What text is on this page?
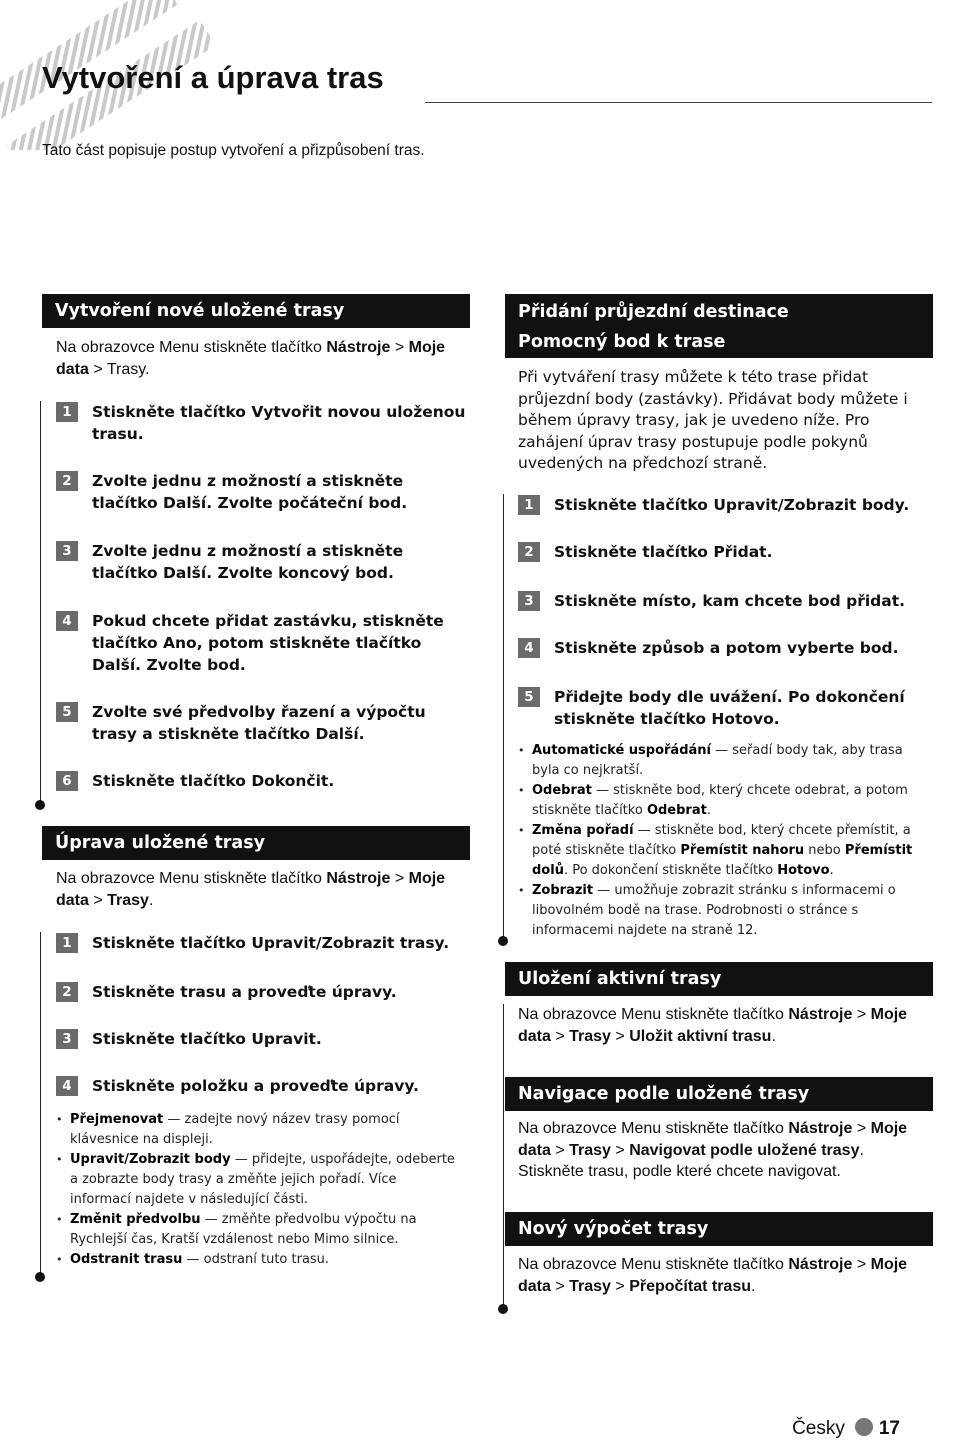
Vytvoření a úprava tras
Tato část popisuje postup vytvoření a přizpůsobení tras.
Vytvoření nové uložené trasy
Na obrazovce Menu stiskněte tlačítko Nástroje > Moje data > Trasy.
1	Stiskněte tlačítko Vytvořit novou uloženou trasu.
2	Zvolte jednu z možností a stiskněte tlačítko Další. Zvolte počáteční bod.
3	Zvolte jednu z možností a stiskněte tlačítko Další. Zvolte koncový bod.
4	Pokud chcete přidat zastávku, stiskněte tlačítko Ano, potom stiskněte tlačítko Další. Zvolte bod.
5	Zvolte své předvolby řazení a výpočtu trasy a stiskněte tlačítko Další.
6	Stiskněte tlačítko Dokončit.
Úprava uložené trasy
Na obrazovce Menu stiskněte tlačítko Nástroje > Moje data > Trasy.
1	Stiskněte tlačítko Upravit/Zobrazit trasy.
2	Stiskněte trasu a proveďte úpravy.
3	Stiskněte tlačítko Upravit.
4	Stiskněte položku a proveďte úpravy.
• Přejmenovat — zadejte nový název trasy pomocí klávesnice na displeji.
• Upravit/Zobrazit body — přidejte, uspořádejte, odeberte a zobrazte body trasy a změňte jejich pořadí. Více informací najdete v následující části.
• Změnit předvolbu — změňte předvolbu výpočtu na Rychlejší čas, Kratší vzdálenost nebo Mimo silnice.
• Odstranit trasu — odstraní tuto trasu.
Přidání průjezdní destinace
Pomocný bod k trase
Při vytváření trasy můžete k této trase přidat průjezdní body (zastávky). Přidávat body můžete i během úpravy trasy, jak je uvedeno níže. Pro zahájení úprav trasy postupuje podle pokynů uvedených na předchozí straně.
1	Stiskněte tlačítko Upravit/Zobrazit body.
2	Stiskněte tlačítko Přidat.
3	Stiskněte místo, kam chcete bod přidat.
4	Stiskněte způsob a potom vyberte bod.
5	Přidejte body dle uvážení. Po dokončení stiskněte tlačítko Hotovo.
• Automatické uspořádání — seřadí body tak, aby trasa byla co nejkratší.
• Odebrat — stiskněte bod, který chcete odebrat, a potom stiskněte tlačítko Odebrat.
• Změna pořadí — stiskněte bod, který chcete přemístit, a poté stiskněte tlačítko Přemístit nahoru nebo Přemístit dolů. Po dokončení stiskněte tlačítko Hotovo.
• Zobrazit — umožňuje zobrazit stránku s informacemi o libovolném bodě na trase. Podrobnosti o stránce s informacemi najdete na straně 12.
Uložení aktivní trasy
Na obrazovce Menu stiskněte tlačítko Nástroje > Moje data > Trasy > Uložit aktivní trasu.
Navigace podle uložené trasy
Na obrazovce Menu stiskněte tlačítko Nástroje > Moje data > Trasy > Navigovat podle uložené trasy. Stiskněte trasu, podle které chcete navigovat.
Nový výpočet trasy
Na obrazovce Menu stiskněte tlačítko Nástroje > Moje data > Trasy > Přepočítat trasu.
Česky 17
